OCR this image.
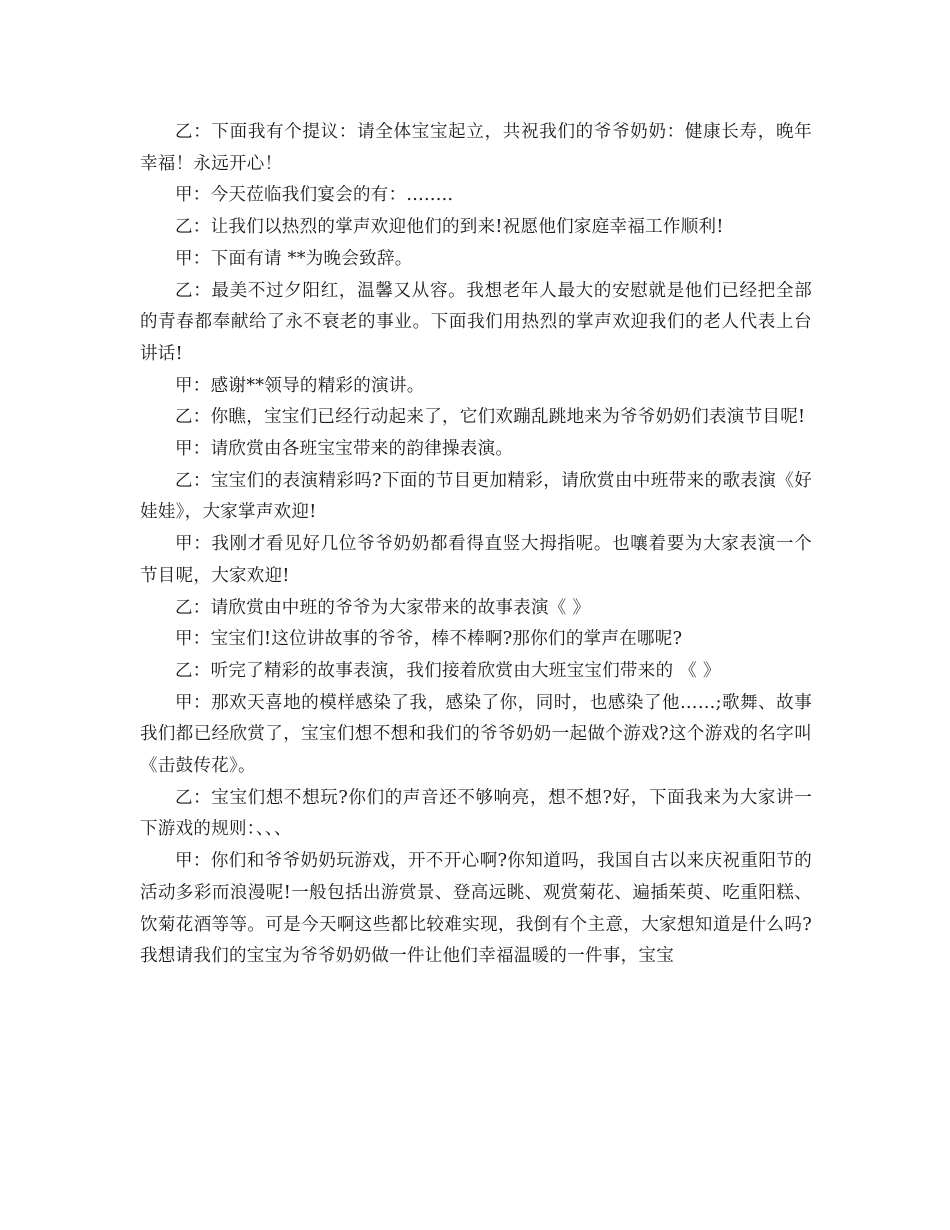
乙：下面我有个提议：请全体宝宝起立，共祝我们的爷爷奶奶：健康长寿，晚年幸福！永远开心！

甲：今天莅临我们宴会的有：........

乙：让我们以热烈的掌声欢迎他们的到来!祝愿他们家庭幸福工作顺利!

甲：下面有请 **为晚会致辞。

乙：最美不过夕阳红，温馨又从容。我想老年人最大的安慰就是他们已经把全部的青春都奉献给了永不衰老的事业。下面我们用热烈的掌声欢迎我们的老人代表上台讲话!

甲：感谢**领导的精彩的演讲。

乙：你瞧，宝宝们已经行动起来了，它们欢蹦乱跳地来为爷爷奶奶们表演节目呢!

甲：请欣赏由各班宝宝带来的韵律操表演。

乙：宝宝们的表演精彩吗?下面的节目更加精彩，请欣赏由中班带来的歌表演《好娃娃》，大家掌声欢迎!

甲：我刚才看见好几位爷爷奶奶都看得直竖大拇指呢。也嚷着要为大家表演一个节目呢，大家欢迎!

乙：请欣赏由中班的爷爷为大家带来的故事表演《 》

甲：宝宝们!这位讲故事的爷爷，棒不棒啊?那你们的掌声在哪呢?

乙：听完了精彩的故事表演，我们接着欣赏由大班宝宝们带来的 《 》

甲：那欢天喜地的模样感染了我，感染了你，同时，也感染了他……;歌舞、故事我们都已经欣赏了，宝宝们想不想和我们的爷爷奶奶一起做个游戏?这个游戏的名字叫《击鼓传花》。

乙：宝宝们想不想玩?你们的声音还不够响亮，想不想?好，下面我来为大家讲一下游戏的规则：、、、

甲：你们和爷爷奶奶玩游戏，开不开心啊?你知道吗，我国自古以来庆祝重阳节的活动多彩而浪漫呢!一般包括出游赏景、登高远眺、观赏菊花、遍插茱萸、吃重阳糕、饮菊花酒等等。可是今天啊这些都比较难实现，我倒有个主意，大家想知道是什么吗?我想请我们的宝宝为爷爷奶奶做一件让他们幸福温暖的一件事，宝宝
